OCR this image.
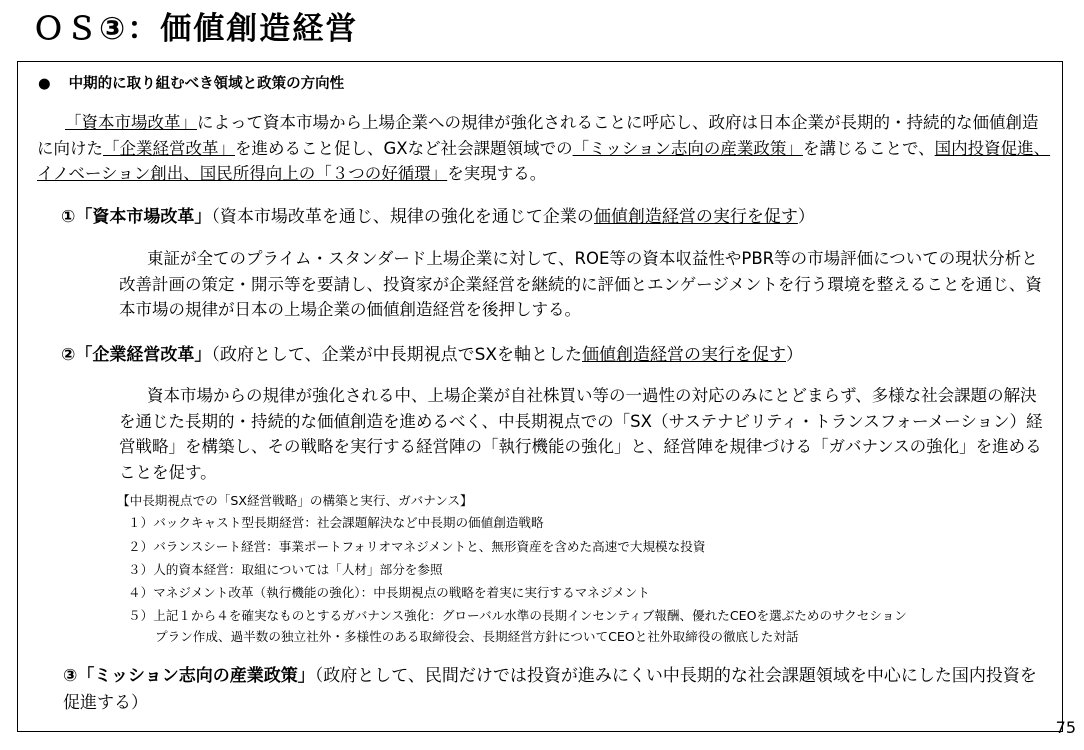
ＯＳ③：価値創造経営
● 中期的に取り組むべき領域と政策の方向性
「資本市場改革」によって資本市場から上場企業への規律が強化されることに呼応し、政府は日本企業が長期的・持続的な価値創造に向けた「企業経営改革」を進めること促し、GXなど社会課題領域での「ミッション志向の産業政策」を講じることで、国内投資促進、イノベーション創出、国民所得向上の「３つの好循環」を実現する。
①「資本市場改革」（資本市場改革を通じ、規律の強化を通じて企業の価値創造経営の実行を促す）
東証が全てのプライム・スタンダード上場企業に対して、ROE等の資本収益性やPBR等の市場評価についての現状分析と改善計画の策定・開示等を要請し、投資家が企業経営を継続的に評価とエンゲージメントを行う環境を整えることを通じ、資本市場の規律が日本の上場企業の価値創造経営を後押しする。
②「企業経営改革」（政府として、企業が中長期視点でSXを軸とした価値創造経営の実行を促す）
資本市場からの規律が強化される中、上場企業が自社株買い等の一過性の対応のみにとどまらず、多様な社会課題の解決を通じた長期的・持続的な価値創造を進めるべく、中長期視点での「SX（サステナビリティ・トランスフォーメーション）経営戦略」を構築し、その戦略を実行する経営陣の「執行機能の強化」と、経営陣を規律づける「ガバナンスの強化」を進めることを促す。
【中長期視点での「SX経営戦略」の構築と実行、ガバナンス】
１）バックキャスト型長期経営：社会課題解決など中長期の価値創造戦略
２）バランスシート経営：事業ポートフォリオマネジメントと、無形資産を含めた高速で大規模な投資
３）人的資本経営：取組については「人材」部分を参照
４）マネジメント改革（執行機能の強化）：中長期視点の戦略を着実に実行するマネジメント
５）上記１から４を確実なものとするガバナンス強化：グローバル水準の長期インセンティブ報酬、優れたCEOを選ぶためのサクセション
プラン作成、過半数の独立社外・多様性のある取締役会、長期経営方針についてCEOと社外取締役の徹底した対話
③「ミッション志向の産業政策」（政府として、民間だけでは投資が進みにくい中長期的な社会課題領域を中心にした国内投資を促進する）
75
